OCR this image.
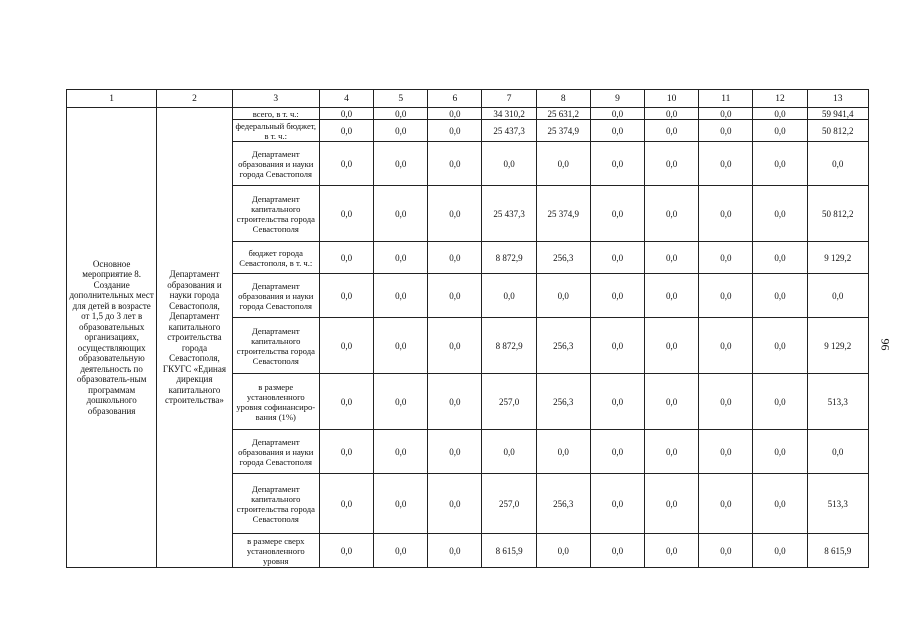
1	2	3	4	5	6	7	8	9	10	11	12	13
Основное мероприятие 8. Создание дополнительных мест для детей в возрасте от 1,5 до 3 лет в образовательных организациях, осуществляющих образовательную деятельность по образователь-ным программам дошкольного образования	Департамент образования и науки города Севастополя, Департамент капитального строительства города Севастополя, ГКУГС «Единая дирекция капитального строительства»	всего, в т. ч.:	0,0	0,0	0,0	34 310,2	25 631,2	0,0	0,0	0,0	0,0	59 941,4
		федеральный бюджет, в т. ч.:	0,0	0,0	0,0	25 437,3	25 374,9	0,0	0,0	0,0	0,0	50 812,2
		Департамент образования и науки города Севастополя	0,0	0,0	0,0	0,0	0,0	0,0	0,0	0,0	0,0	0,0
		Департамент капитального строительства города Севастополя	0,0	0,0	0,0	25 437,3	25 374,9	0,0	0,0	0,0	0,0	50 812,2
		бюджет города Севастополя, в т. ч.:	0,0	0,0	0,0	8 872,9	256,3	0,0	0,0	0,0	0,0	9 129,2
		Департамент образования и науки города Севастополя	0,0	0,0	0,0	0,0	0,0	0,0	0,0	0,0	0,0	0,0
		Департамент капитального строительства города Севастополя	0,0	0,0	0,0	8 872,9	256,3	0,0	0,0	0,0	0,0	9 129,2
		в размере установленного уровня софинансиро-вания (1%)	0,0	0,0	0,0	257,0	256,3	0,0	0,0	0,0	0,0	513,3
		Департамент образования и науки города Севастополя	0,0	0,0	0,0	0,0	0,0	0,0	0,0	0,0	0,0	0,0
		Департамент капитального строительства города Севастополя	0,0	0,0	0,0	257,0	256,3	0,0	0,0	0,0	0,0	513,3
		в размере сверх установленного уровня	0,0	0,0	0,0	8 615,9	0,0	0,0	0,0	0,0	0,0	8 615,9
96
